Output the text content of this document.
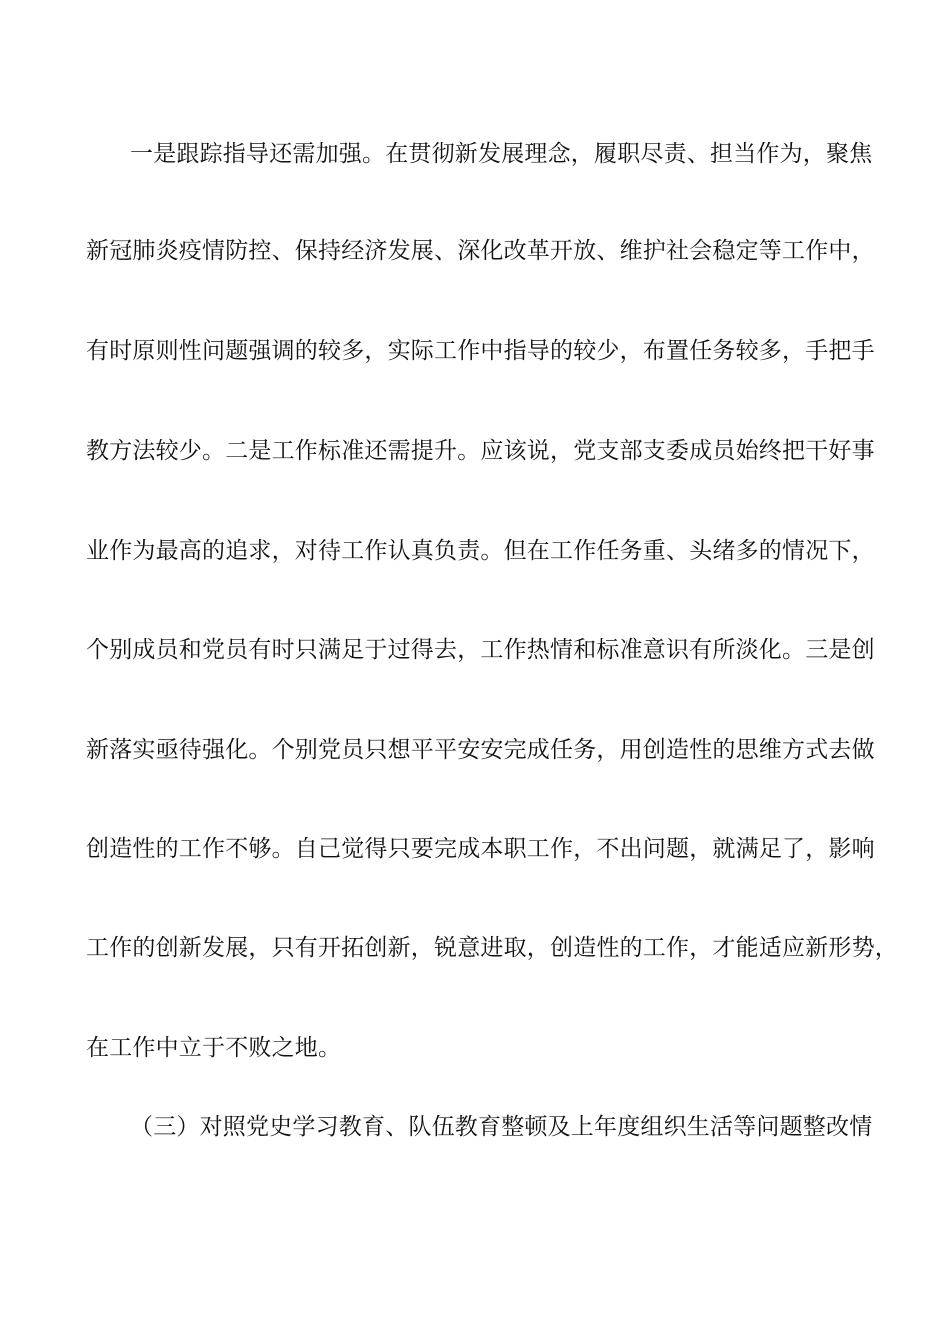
一是跟踪指导还需加强。在贯彻新发展理念，履职尽责、担当作为，聚焦
新冠肺炎疫情防控、保持经济发展、深化改革开放、维护社会稳定等工作中，
有时原则性问题强调的较多，实际工作中指导的较少，布置任务较多，手把手
教方法较少。二是工作标准还需提升。应该说，党支部支委成员始终把干好事
业作为最高的追求，对待工作认真负责。但在工作任务重、头绪多的情况下，
个别成员和党员有时只满足于过得去，工作热情和标准意识有所淡化。三是创
新落实亟待强化。个别党员只想平平安安完成任务，用创造性的思维方式去做
创造性的工作不够。自己觉得只要完成本职工作，不出问题，就满足了，影响
工作的创新发展，只有开拓创新，锐意进取，创造性的工作，才能适应新形势，
在工作中立于不败之地。
（三）对照党史学习教育、队伍教育整顿及上年度组织生活等问题整改情
